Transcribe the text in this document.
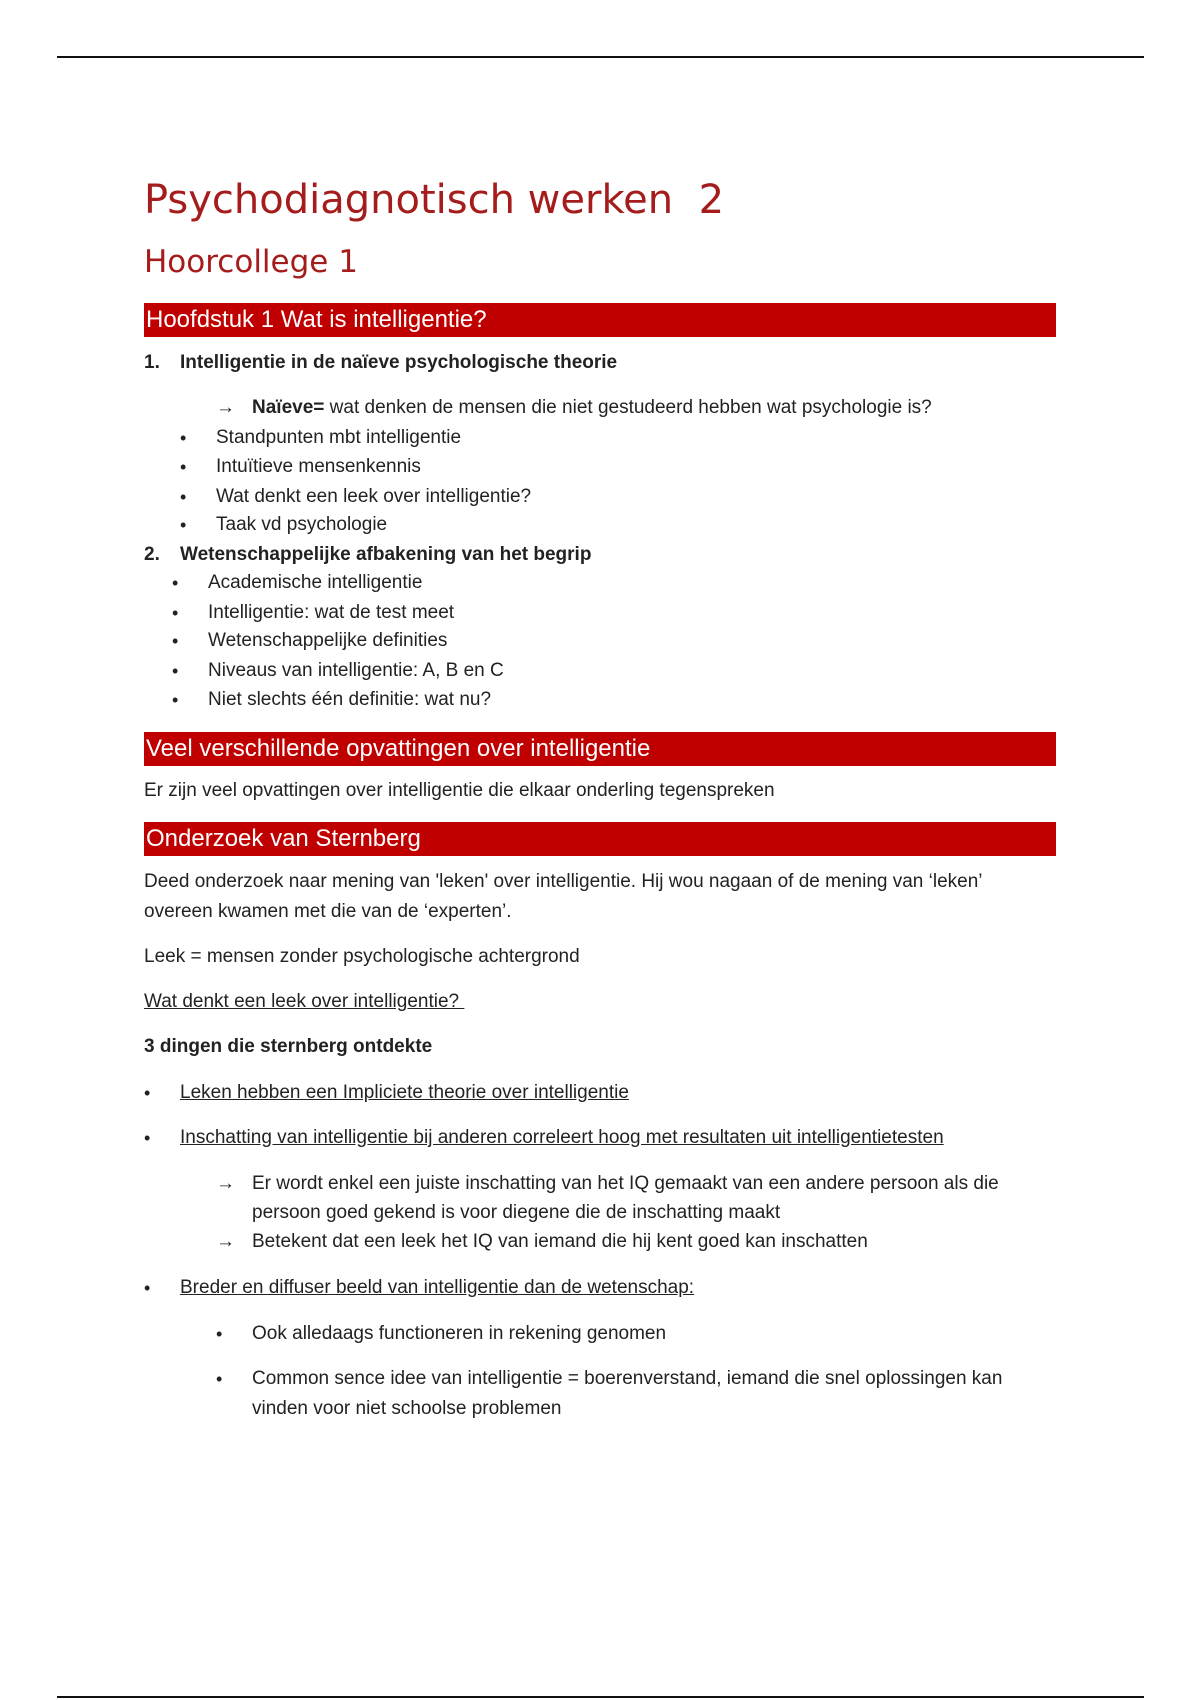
Psychodiagnotisch werken  2
Hoorcollege 1
Hoofdstuk 1 Wat is intelligentie?
1. Intelligentie in de naïeve psychologische theorie
→ Naïeve= wat denken de mensen die niet gestudeerd hebben wat psychologie is?
• Standpunten mbt intelligentie
• Intuïtieve mensenkennis
• Wat denkt een leek over intelligentie?
• Taak vd psychologie
2. Wetenschappelijke afbakening van het begrip
• Academische intelligentie
• Intelligentie: wat de test meet
• Wetenschappelijke definities
• Niveaus van intelligentie: A, B en C
• Niet slechts één definitie: wat nu?
Veel verschillende opvattingen over intelligentie
Er zijn veel opvattingen over intelligentie die elkaar onderling tegenspreken
Onderzoek van Sternberg
Deed onderzoek naar mening van 'leken' over intelligentie. Hij wou nagaan of de mening van ‘leken’
overeen kwamen met die van de ‘experten’.
Leek = mensen zonder psychologische achtergrond
Wat denkt een leek over intelligentie?
3 dingen die sternberg ontdekte
• Leken hebben een Impliciete theorie over intelligentie
• Inschatting van intelligentie bij anderen correleert hoog met resultaten uit intelligentietesten
→ Er wordt enkel een juiste inschatting van het IQ gemaakt van een andere persoon als die
persoon goed gekend is voor diegene die de inschatting maakt
→ Betekent dat een leek het IQ van iemand die hij kent goed kan inschatten
• Breder en diffuser beeld van intelligentie dan de wetenschap:
• Ook alledaags functioneren in rekening genomen
• Common sence idee van intelligentie = boerenverstand, iemand die snel oplossingen kan
vinden voor niet schoolse problemen
